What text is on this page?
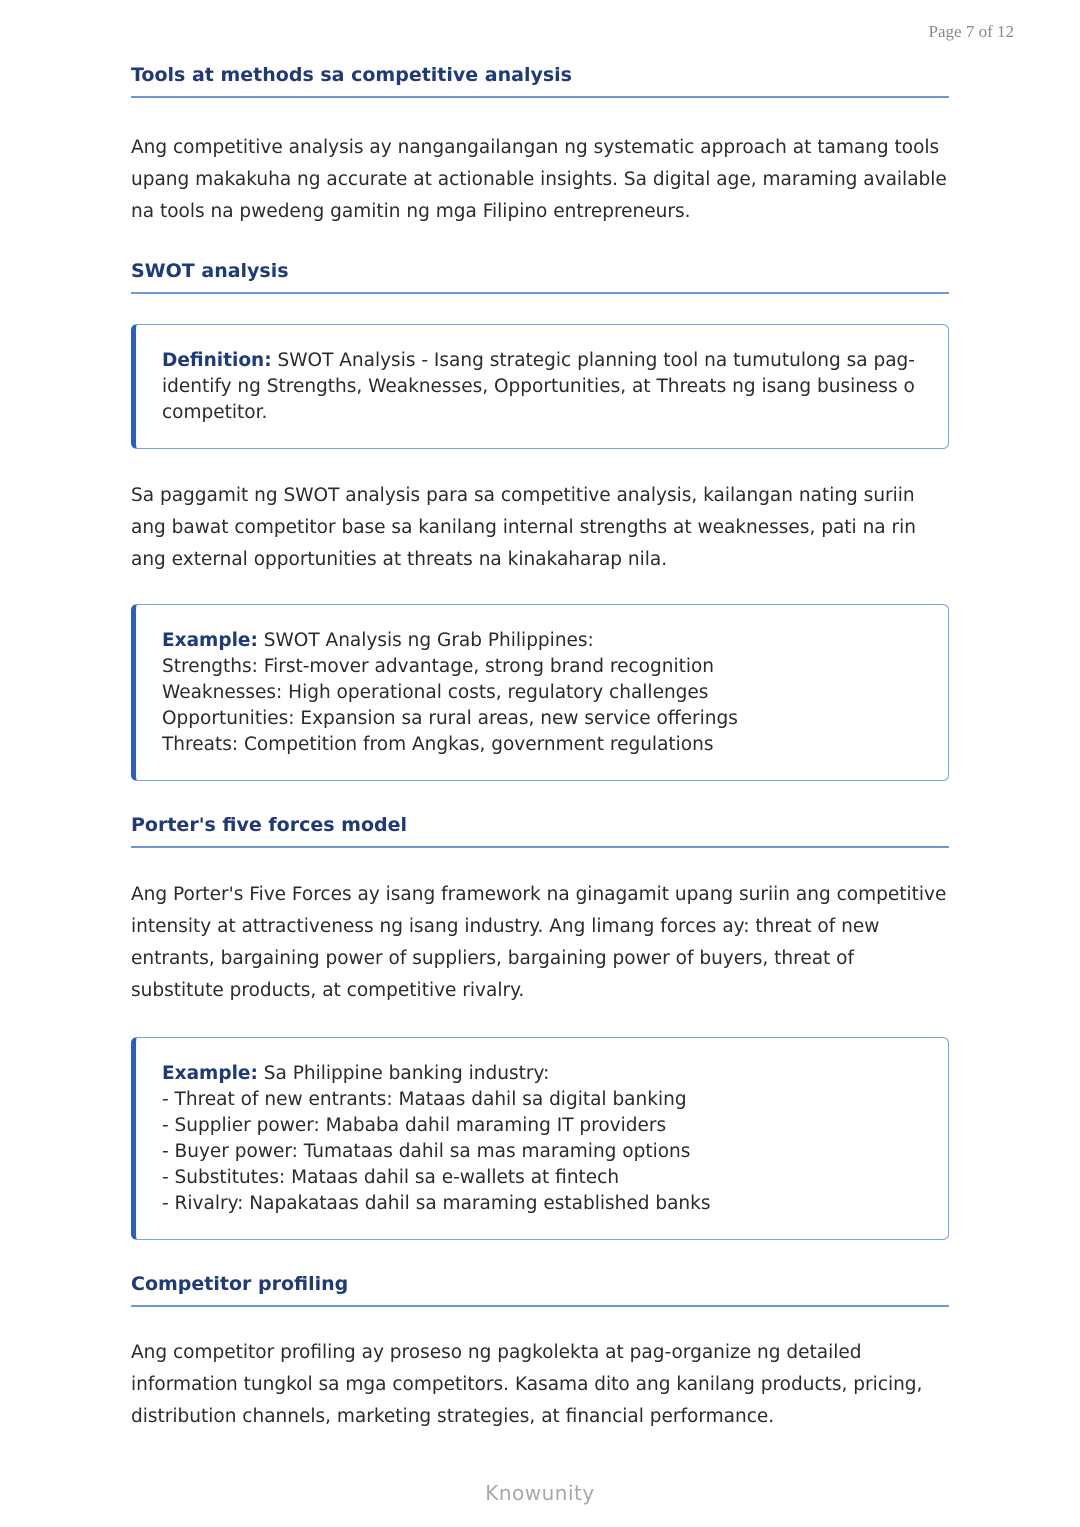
Page 7 of 12
Tools at methods sa competitive analysis

Ang competitive analysis ay nangangailangan ng systematic approach at tamang tools upang makakuha ng accurate at actionable insights. Sa digital age, maraming available na tools na pwedeng gamitin ng mga Filipino entrepreneurs.

SWOT analysis
Definition: SWOT Analysis - Isang strategic planning tool na tumutulong sa pag-identify ng Strengths, Weaknesses, Opportunities, at Threats ng isang business o competitor.

Sa paggamit ng SWOT analysis para sa competitive analysis, kailangan nating suriin ang bawat competitor base sa kanilang internal strengths at weaknesses, pati na rin ang external opportunities at threats na kinakaharap nila.

Example: SWOT Analysis ng Grab Philippines:
Strengths: First-mover advantage, strong brand recognition
Weaknesses: High operational costs, regulatory challenges
Opportunities: Expansion sa rural areas, new service offerings
Threats: Competition from Angkas, government regulations
Porter's five forces model

Ang Porter's Five Forces ay isang framework na ginagamit upang suriin ang competitive intensity at attractiveness ng isang industry. Ang limang forces ay: threat of new entrants, bargaining power of suppliers, bargaining power of buyers, threat of substitute products, at competitive rivalry.

Example: Sa Philippine banking industry:
- Threat of new entrants: Mataas dahil sa digital banking
- Supplier power: Mababa dahil maraming IT providers
- Buyer power: Tumataas dahil sa mas maraming options
- Substitutes: Mataas dahil sa e-wallets at fintech
- Rivalry: Napakataas dahil sa maraming established banks
Competitor profiling

Ang competitor profiling ay proseso ng pagkolekta at pag-organize ng detailed information tungkol sa mga competitors. Kasama dito ang kanilang products, pricing, distribution channels, marketing strategies, at financial performance.

Knowunity
